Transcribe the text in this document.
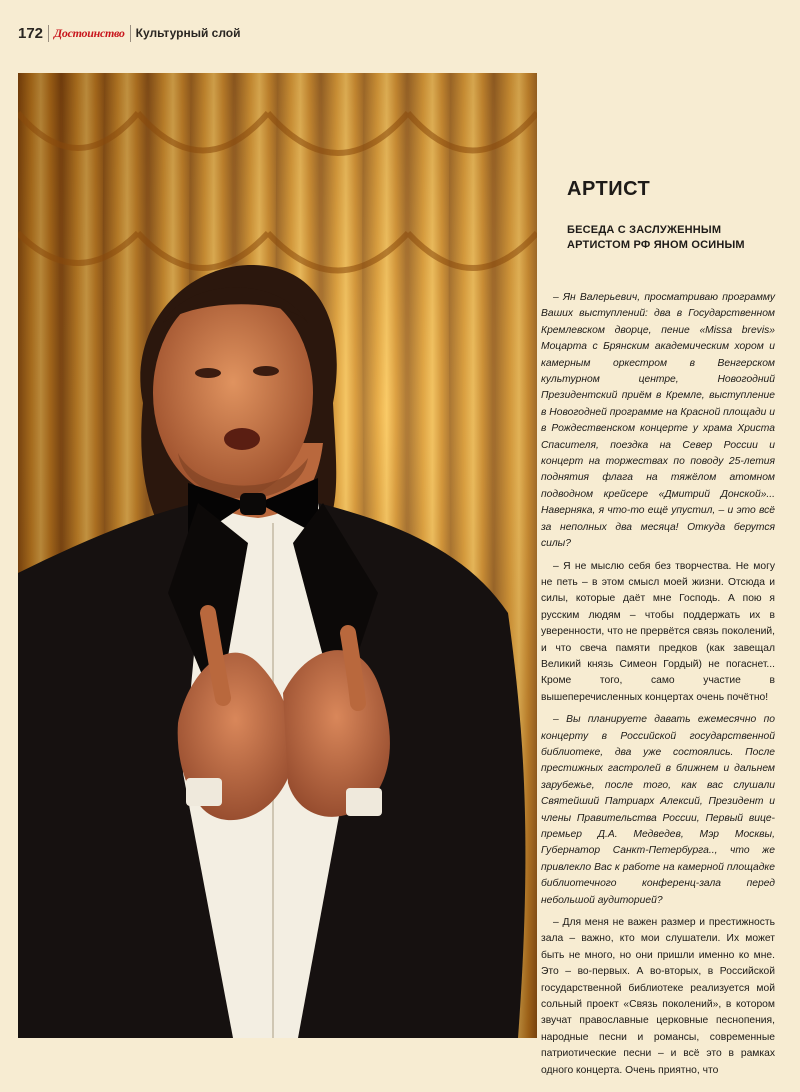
172 Достоинство Культурный слой
АРТИСТ
БЕСЕДА С ЗАСЛУЖЕННЫМ АРТИСТОМ РФ ЯНОМ ОСИНЫМ

– Ян Валерьевич, просматриваю программу Ваших выступлений: два в Государственном Кремлевском дворце, пение «Missa brevis» Моцарта с Брянским академическим хором и камерным оркестром в Венгерском культурном центре, Новогодний Президентский приём в Кремле, выступление в Новогодней программе на Красной площади и в Рождественском концерте у храма Христа Спасителя, поездка на Север России и концерт на торжествах по поводу 25-летия поднятия флага на тяжёлом атомном подводном крейсере «Дмитрий Донской»... Наверняка, я что-то ещё упустил, – и это всё за неполных два месяца! Откуда берутся силы?

– Я не мыслю себя без творчества. Не могу не петь – в этом смысл моей жизни. Отсюда и силы, которые даёт мне Господь. А пою я русским людям – чтобы поддержать их в уверенности, что не прервётся связь поколений, и что свеча памяти предков (как завещал Великий князь Симеон Гордый) не погаснет... Кроме того, само участие в вышеперечисленных концертах очень почётно!

– Вы планируете давать ежемесячно по концерту в Российской государственной библиотеке, два уже состоялись. После престижных гастролей в ближнем и дальнем зарубежье, после того, как вас слушали Святейший Патриарх Алексий, Президент и члены Правительства России, Первый вице-премьер Д.А. Медведев, Мэр Москвы, Губернатор Санкт-Петербурга.., что же привлекло Вас к работе на камерной площадке библиотечного конференц-зала перед небольшой аудиторией?

– Для меня не важен размер и престижность зала – важно, кто мои слушатели. Их может быть не много, но они пришли именно ко мне. Это – во-первых. А во-вторых, в Российской государственной библиотеке реализуется мой сольный проект «Связь поколений», в котором звучат православные церковные песнопения, народные песни и романсы, современные патриотические песни – и всё это в рамках одного концерта. Очень приятно, что
